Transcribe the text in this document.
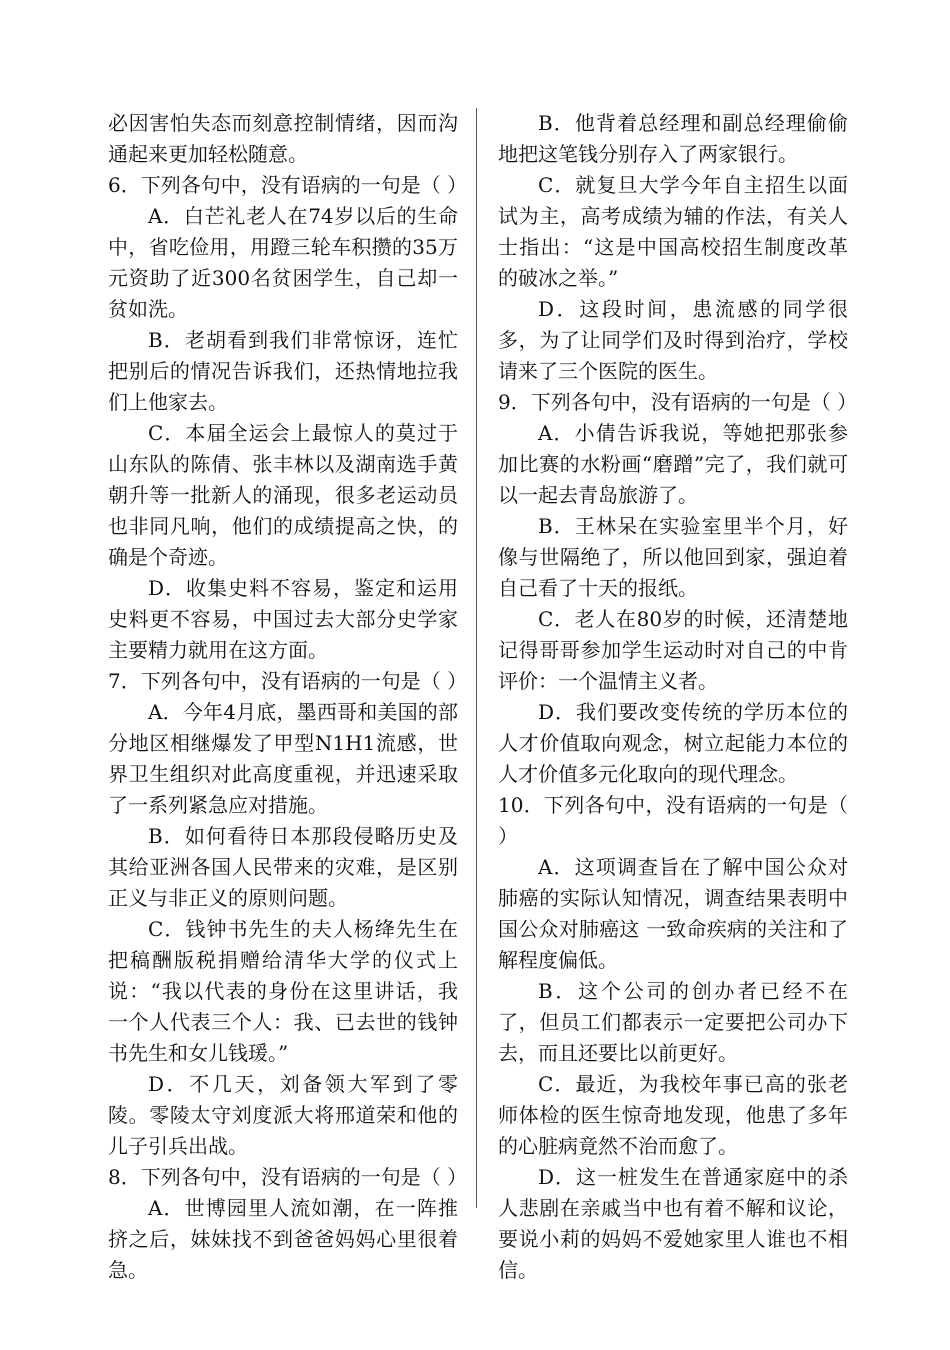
必因害怕失态而刻意控制情绪，因而沟通起来更加轻松随意。

6．下列各句中，没有语病的一句是（ ）

A．白芒礼老人在74岁以后的生命中，省吃俭用，用蹬三轮车积攒的35万元资助了近300名贫困学生，自己却一贫如洗。

B．老胡看到我们非常惊讶，连忙把别后的情况告诉我们，还热情地拉我们上他家去。

C．本届全运会上最惊人的莫过于山东队的陈倩、张丰林以及湖南选手黄朝升等一批新人的涌现，很多老运动员也非同凡响，他们的成绩提高之快，的确是个奇迹。

D．收集史料不容易，鉴定和运用史料更不容易，中国过去大部分史学家主要精力就用在这方面。

7．下列各句中，没有语病的一句是（ ）

A．今年4月底，墨西哥和美国的部分地区相继爆发了甲型N1H1流感，世界卫生组织对此高度重视，并迅速采取了一系列紧急应对措施。

B．如何看待日本那段侵略历史及其给亚洲各国人民带来的灾难，是区别正义与非正义的原则问题。

C．钱钟书先生的夫人杨绛先生在把稿酬版税捐赠给清华大学的仪式上说：“我以代表的身份在这里讲话，我一个人代表三个人：我、已去世的钱钟书先生和女儿钱瑗。”

D．不几天，刘备领大军到了零陵。零陵太守刘度派大将邢道荣和他的儿子引兵出战。

8．下列各句中，没有语病的一句是（ ）

A．世博园里人流如潮，在一阵推挤之后，妹妹找不到爸爸妈妈心里很着急。

B．他背着总经理和副总经理偷偷地把这笔钱分别存入了两家银行。

C．就复旦大学今年自主招生以面试为主，高考成绩为辅的作法，有关人士指出：“这是中国高校招生制度改革的破冰之举。”

D．这段时间，患流感的同学很多，为了让同学们及时得到治疗，学校请来了三个医院的医生。

9．下列各句中，没有语病的一句是（ ）

A．小倩告诉我说，等她把那张参加比赛的水粉画“磨蹭”完了，我们就可以一起去青岛旅游了。

B．王林呆在实验室里半个月，好像与世隔绝了，所以他回到家，强迫着自己看了十天的报纸。

C．老人在80岁的时候，还清楚地记得哥哥参加学生运动时对自己的中肯评价：一个温情主义者。

D．我们要改变传统的学历本位的人才价值取向观念，树立起能力本位的人才价值多元化取向的现代理念。

10．下列各句中，没有语病的一句是（ ）

A．这项调查旨在了解中国公众对肺癌的实际认知情况，调查结果表明中国公众对肺癌这 一致命疾病的关注和了解程度偏低。

B．这个公司的创办者已经不在了，但员工们都表示一定要把公司办下去，而且还要比以前更好。

C．最近，为我校年事已高的张老师体检的医生惊奇地发现，他患了多年的心脏病竟然不治而愈了。

D．这一桩发生在普通家庭中的杀人悲剧在亲戚当中也有着不解和议论，要说小莉的妈妈不爱她家里人谁也不相信。
